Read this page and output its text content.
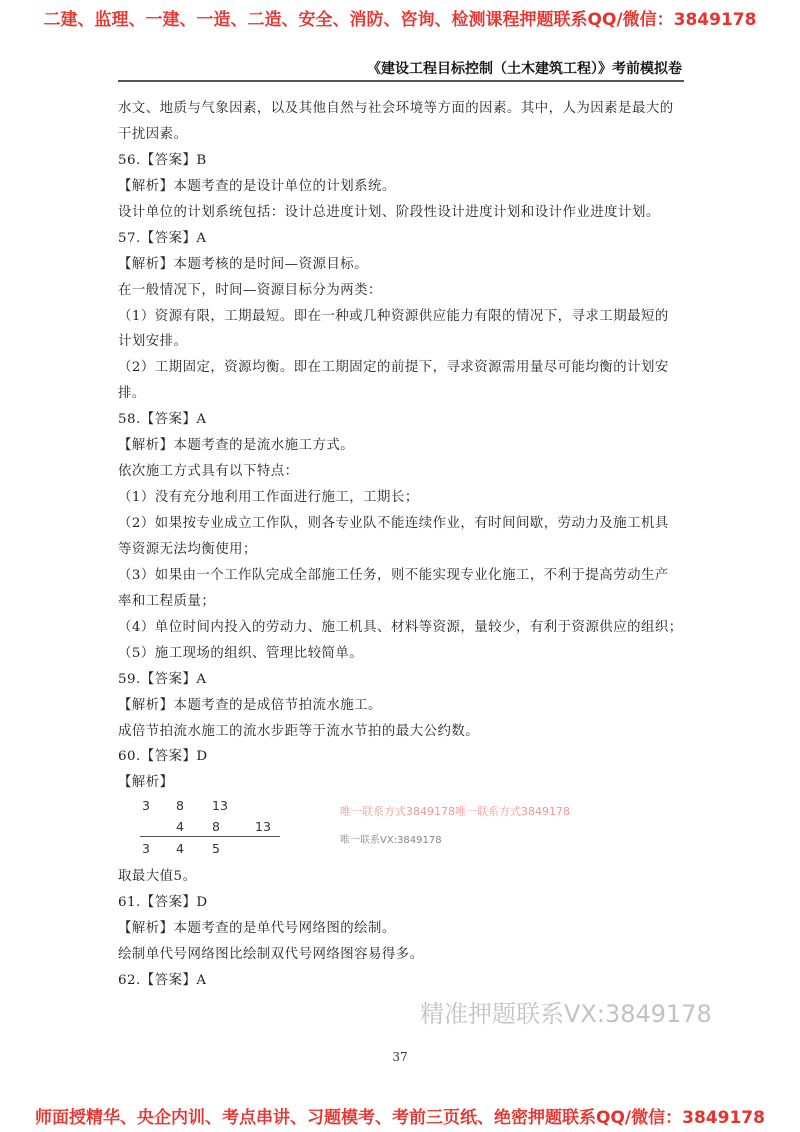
二建、监理、一建、一造、二造、安全、消防、咨询、检测课程押题联系QQ/微信：3849178
《建设工程目标控制（土木建筑工程）》考前模拟卷
水文、地质与气象因素，以及其他自然与社会环境等方面的因素。其中，人为因素是最大的
干扰因素。
56.【答案】B
【解析】本题考查的是设计单位的计划系统。
设计单位的计划系统包括：设计总进度计划、阶段性设计进度计划和设计作业进度计划。
57.【答案】A
【解析】本题考核的是时间—资源目标。
在一般情况下，时间—资源目标分为两类：
（1）资源有限，工期最短。即在一种或几种资源供应能力有限的情况下，寻求工期最短的
计划安排。
（2）工期固定，资源均衡。即在工期固定的前提下，寻求资源需用量尽可能均衡的计划安
排。
58.【答案】A
【解析】本题考查的是流水施工方式。
依次施工方式具有以下特点：
（1）没有充分地利用工作面进行施工，工期长；
（2）如果按专业成立工作队，则各专业队不能连续作业，有时间间歇，劳动力及施工机具
等资源无法均衡使用；
（3）如果由一个工作队完成全部施工任务，则不能实现专业化施工，不利于提高劳动生产
率和工程质量；
（4）单位时间内投入的劳动力、施工机具、材料等资源，量较少，有利于资源供应的组织；
（5）施工现场的组织、管理比较简单。
59.【答案】A
【解析】本题考查的是成倍节拍流水施工。
成倍节拍流水施工的流水步距等于流水节拍的最大公约数。
60.【答案】D
【解析】
3 8 13
4 8	13
3 4 5
取最大值5。
61.【答案】D
【解析】本题考查的是单代号网络图的绘制。
绘制单代号网络图比绘制双代号网络图容易得多。
62.【答案】A
37
师面授精华、央企内训、考点串讲、习题模考、考前三页纸、绝密押题联系QQ/微信：3849178
精准押题联系VX:3849178
唯一联系VX:3849178
唯一联系方式3849178唯一联系方式3849178
